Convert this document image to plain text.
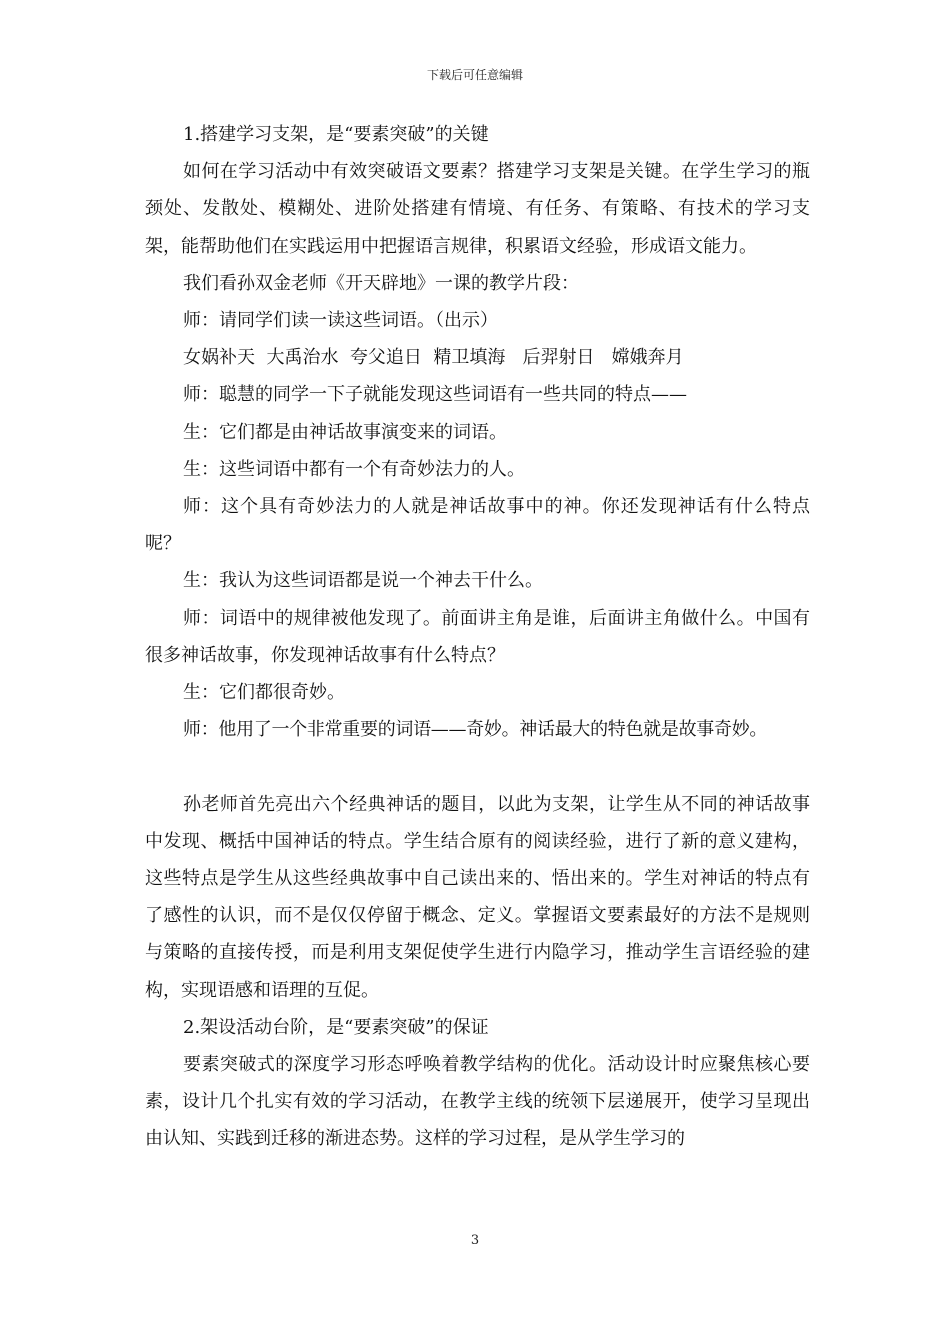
下载后可任意编辑
1.搭建学习支架，是“要素突破”的关键

如何在学习活动中有效突破语文要素？搭建学习支架是关键。在学生学习的瓶颈处、发散处、模糊处、进阶处搭建有情境、有任务、有策略、有技术的学习支架，能帮助他们在实践运用中把握语言规律，积累语文经验，形成语文能力。

我们看孙双金老师《开天辟地》一课的教学片段：

师：请同学们读一读这些词语。（出示）

女娲补天  大禹治水  夸父追日  精卫填海   后羿射日   嫦娥奔月

师：聪慧的同学一下子就能发现这些词语有一些共同的特点——

生：它们都是由神话故事演变来的词语。

生：这些词语中都有一个有奇妙法力的人。

师：这个具有奇妙法力的人就是神话故事中的神。你还发现神话有什么特点呢？

生：我认为这些词语都是说一个神去干什么。

师：词语中的规律被他发现了。前面讲主角是谁，后面讲主角做什么。中国有很多神话故事，你发现神话故事有什么特点？

生：它们都很奇妙。

师：他用了一个非常重要的词语——奇妙。神话最大的特色就是故事奇妙。

孙老师首先亮出六个经典神话的题目，以此为支架，让学生从不同的神话故事中发现、概括中国神话的特点。学生结合原有的阅读经验，进行了新的意义建构，这些特点是学生从这些经典故事中自己读出来的、悟出来的。学生对神话的特点有了感性的认识，而不是仅仅停留于概念、定义。掌握语文要素最好的方法不是规则与策略的直接传授，而是利用支架促使学生进行内隐学习，推动学生言语经验的建构，实现语感和语理的互促。

2.架设活动台阶，是“要素突破”的保证

要素突破式的深度学习形态呼唤着教学结构的优化。活动设计时应聚焦核心要素，设计几个扎实有效的学习活动，在教学主线的统领下层递展开，使学习呈现出由认知、实践到迁移的渐进态势。这样的学习过程，是从学生学习的

3
